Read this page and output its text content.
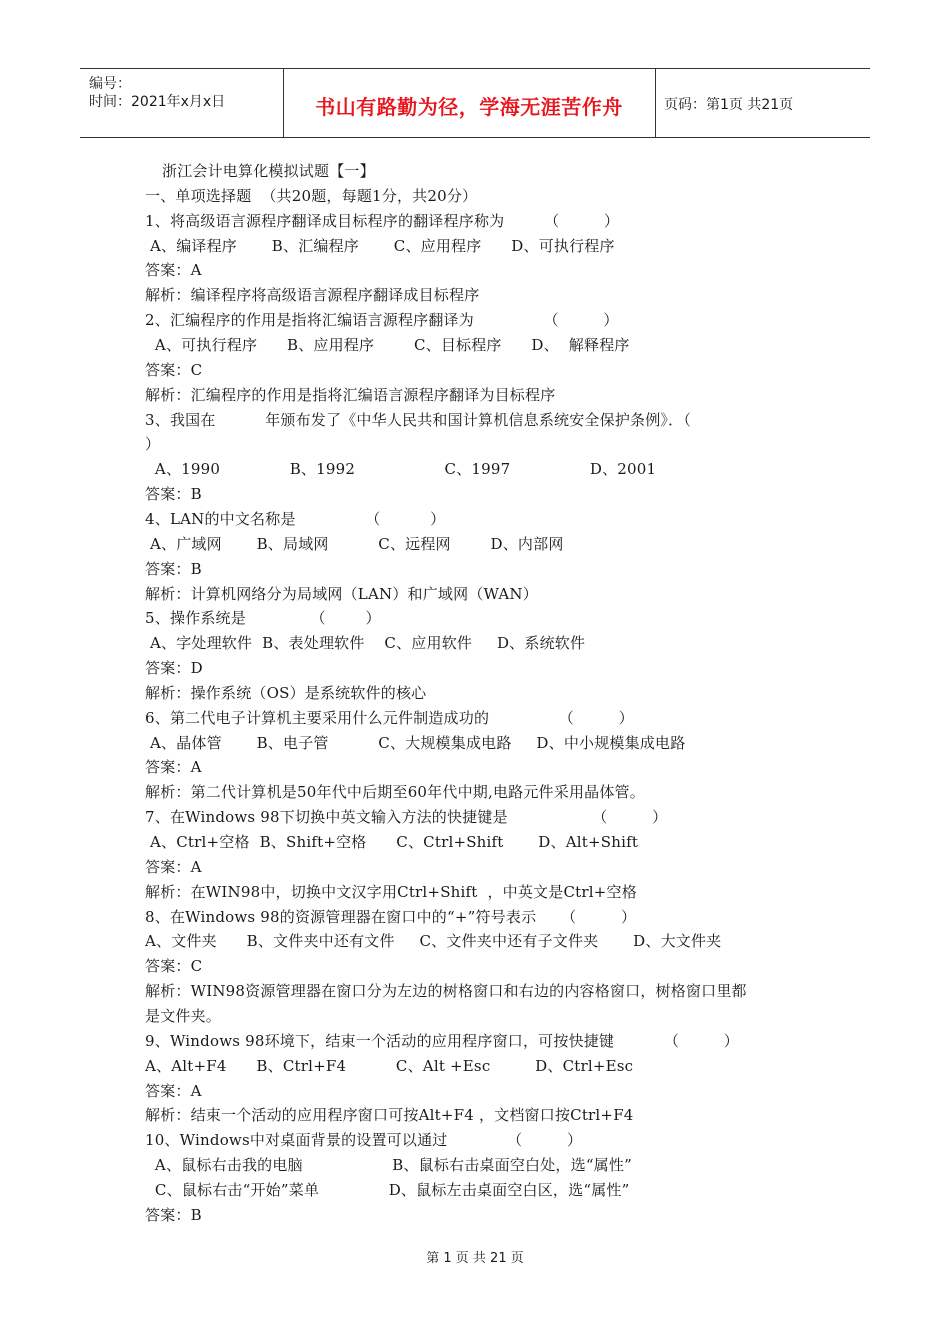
编号：
时间：2021年x月x日	书山有路勤为径，学海无涯苦作舟	页码：第1页 共21页
浙江会计电算化模拟试题【一】
一、单项选择题  （共20题，每题1分，共20分）
1、将高级语言源程序翻译成目标程序的翻译程序称为        （         ）
A、编译程序       B、汇编程序       C、应用程序      D、可执行程序
答案：A
解析：编译程序将高级语言源程序翻译成目标程序
2、汇编程序的作用是指将汇编语言源程序翻译为              （         ）
A、可执行程序      B、应用程序        C、目标程序      D、  解释程序
答案：C
解析：汇编程序的作用是指将汇编语言源程序翻译为目标程序
3、我国在          年颁布发了《中华人民共和国计算机信息系统安全保护条例》．（
）
A、1990              B、1992                  C、1997                D、2001
答案：B
4、LAN的中文名称是              （          ）
A、广域网       B、局域网          C、远程网        D、内部网
答案：B
解析：计算机网络分为局域网（LAN）和广域网（WAN）
5、操作系统是             （        ）
A、字处理软件  B、表处理软件    C、应用软件     D、系统软件
答案：D
解析：操作系统（OS）是系统软件的核心
6、第二代电子计算机主要采用什么元件制造成功的              （         ）
A、晶体管       B、电子管          C、大规模集成电路     D、中小规模集成电路
答案：A
解析：第二代计算机是50年代中后期至60年代中期,电路元件采用晶体管。
7、在Windows 98下切换中英文输入方法的快捷键是                 （         ）
A、Ctrl+空格  B、Shift+空格      C、Ctrl+Shift       D、Alt+Shift
答案：A
解析：在WIN98中，切换中文汉字用Ctrl+Shift  ，中英文是Ctrl+空格
8、在Windows 98的资源管理器在窗口中的“+”符号表示     （         ）
A、文件夹      B、文件夹中还有文件     C、文件夹中还有子文件夹       D、大文件夹
答案：C
解析：WIN98资源管理器在窗口分为左边的树格窗口和右边的内容格窗口，树格窗口里都
是文件夹。
9、Windows 98环境下，结束一个活动的应用程序窗口，可按快捷键          （         ）
A、Alt+F4      B、Ctrl+F4          C、Alt +Esc         D、Ctrl+Esc
答案：A
解析：结束一个活动的应用程序窗口可按Alt+F4 ，文档窗口按Ctrl+F4
10、Windows中对桌面背景的设置可以通过            （         ）
A、鼠标右击我的电脑                  B、鼠标右击桌面空白处，选“属性”
C、鼠标右击“开始”菜单              D、鼠标左击桌面空白区，选“属性”
答案：B
第 1 页 共 21 页
